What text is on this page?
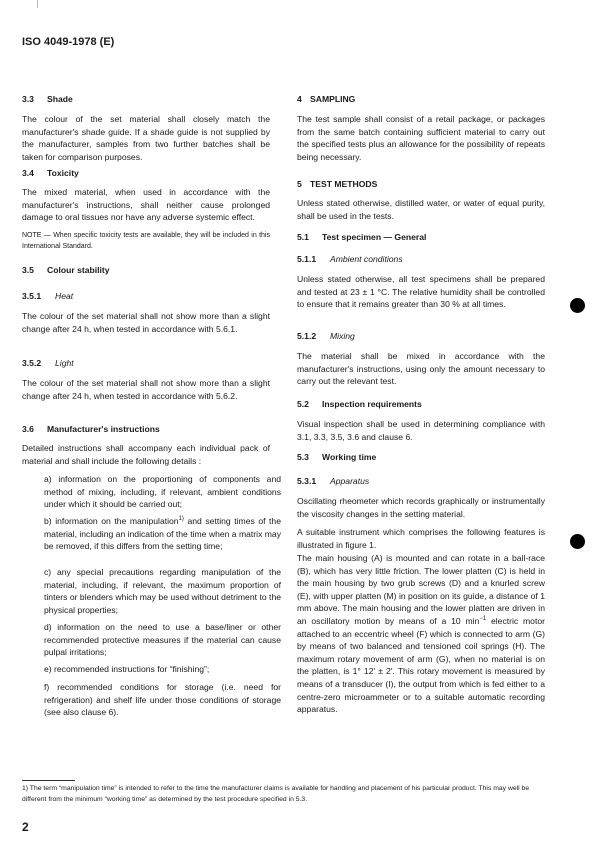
ISO 4049-1978 (E)
3.3 Shade

The colour of the set material shall closely match the manufacturer's shade guide. If a shade guide is not supplied by the manufacturer, samples from two further batches shall be taken for comparison purposes.

3.4 Toxicity

The mixed material, when used in accordance with the manufacturer's instructions, shall neither cause prolonged damage to oral tissues nor have any adverse systemic effect.

NOTE — When specific toxicity tests are available, they will be included in this International Standard.

3.5 Colour stability
3.5.1 Heat

The colour of the set material shall not show more than a slight change after 24 h, when tested in accordance with 5.6.1.

3.5.2 Light

The colour of the set material shall not show more than a slight change after 24 h, when tested in accordance with 5.6.2.

3.6 Manufacturer's instructions

Detailed instructions shall accompany each individual pack of material and shall include the following details :

a) information on the proportioning of components and method of mixing, including, if relevant, ambient conditions under which it should be carried out;

b) information on the manipulation$^{1)}$ and setting times of the material, including an indication of the time when a matrix may be removed, if this differs from the setting time;

c) any special precautions regarding manipulation of the material, including, if relevant, the maximum proportion of tinters or blenders which may be used without detriment to the physical properties;

d) information on the need to use a base/liner or other recommended protective measures if the material can cause pulpal irritations;

e) recommended instructions for “finishing”;

f) recommended conditions for storage (i.e. need for refrigeration) and shelf life under those conditions of storage (see also clause 6).

4 SAMPLING

The test sample shall consist of a retail package, or packages from the same batch containing sufficient material to carry out the specified tests plus an allowance for the possibility of repeats being necessary.

5 TEST METHODS

Unless stated otherwise, distilled water, or water of equal purity, shall be used in the tests.

5.1 Test specimen — General
5.1.1 Ambient conditions

Unless stated otherwise, all test specimens shall be prepared and tested at 23 ± 1 °C. The relative humidity shall be controlled to ensure that it remains greater than 30 % at all times.

5.1.2 Mixing

The material shall be mixed in accordance with the manufacturer's instructions, using only the amount necessary to carry out the relevant test.

5.2 Inspection requirements

Visual inspection shall be used in determining compliance with 3.1, 3.3, 3.5, 3.6 and clause 6.

5.3 Working time
5.3.1 Apparatus

Oscillating rheometer which records graphically or instrumentally the viscosity changes in the setting material.

A suitable instrument which comprises the following features is illustrated in figure 1.

The main housing (A) is mounted and can rotate in a ball-race (B), which has very little friction. The lower platten (C) is held in the main housing by two grub screws (D) and a knurled screw (E), with upper platten (M) in position on its guide, a distance of 1 mm above. The main housing and the lower platten are driven in an oscillatory motion by means of a 10 $\min^{-1}$ electric motor attached to an eccentric wheel (F) which is connected to arm (G) by means of two balanced and tensioned coil springs (H). The maximum rotary movement of arm (G), when no material is on the platten, is 1° 12′ ± 2′. This rotary movement is measured by means of a transducer (I), the output from which is fed either to a centre-zero microammeter or to a suitable automatic recording apparatus.

1) The term “manipulation time” is intended to refer to the time the manufacturer claims is available for handling and placement of his particular product. This may well be different from the minimum “working time” as determined by the test procedure specified in 5.3.

2
